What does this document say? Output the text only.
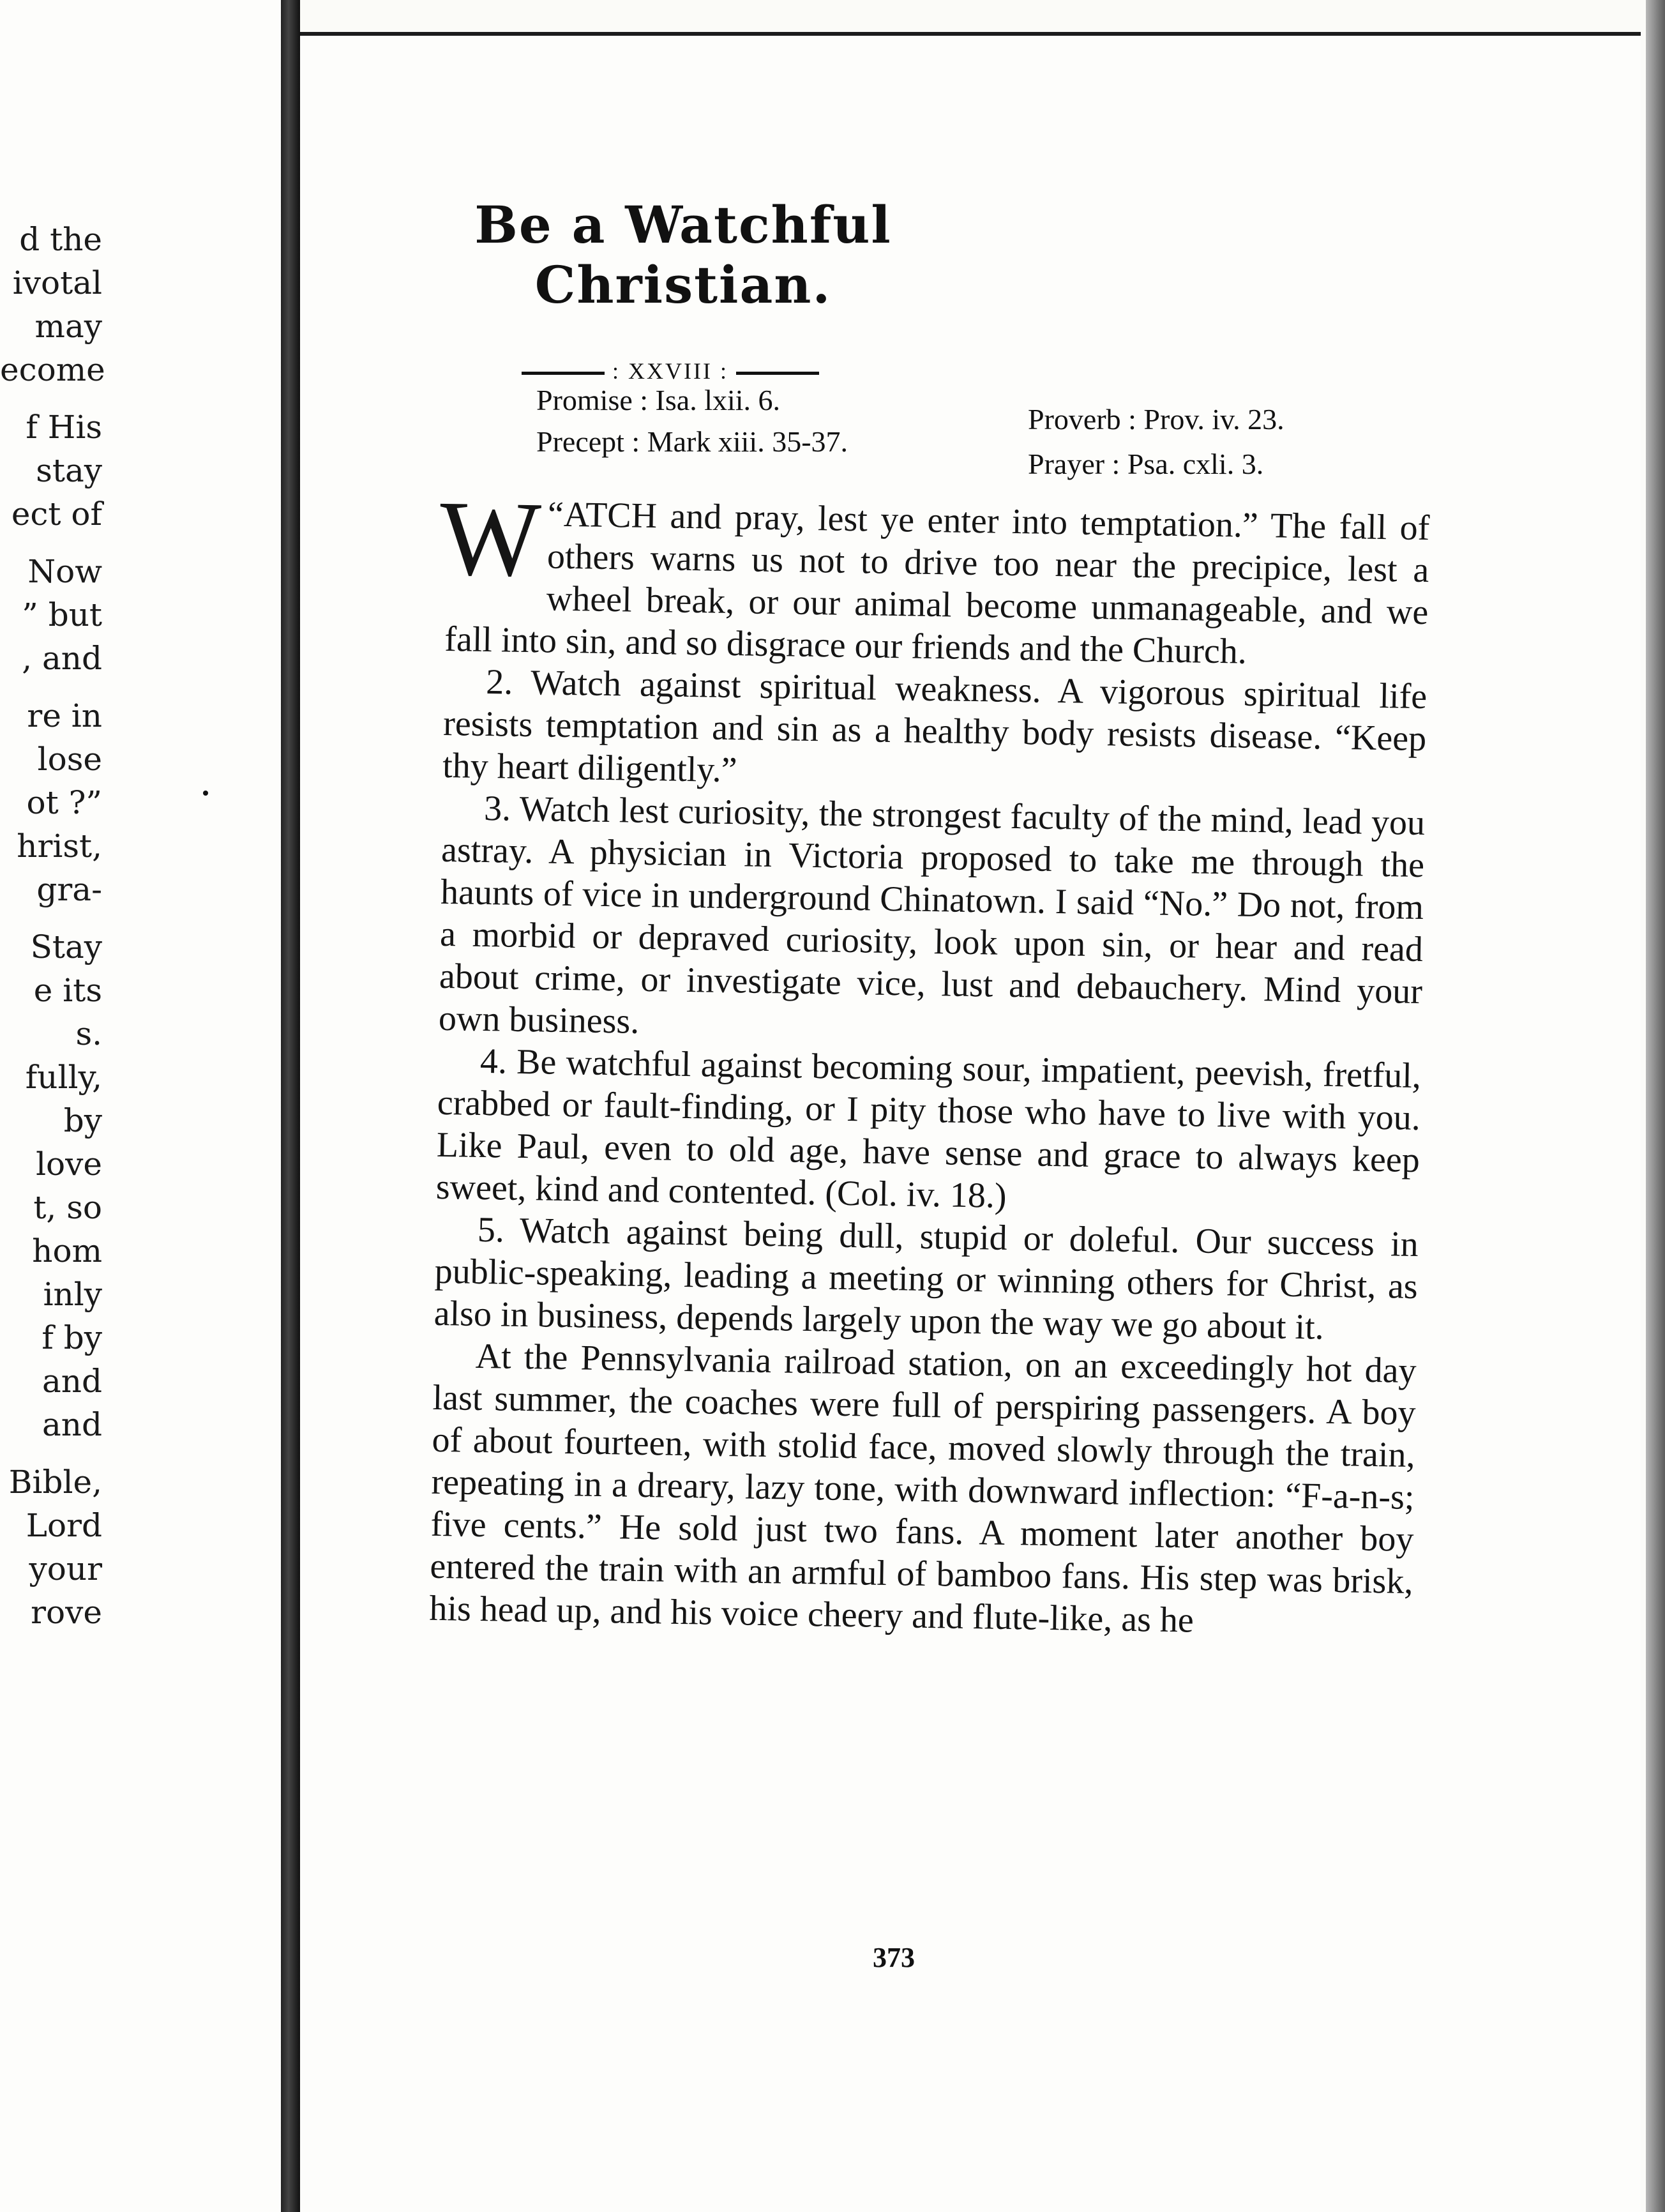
d the
ivotal
may
ecome
f His
stay
ect of
Now
” but
, and
re in
lose
ot ?”
hrist,
gra-
Stay
e its
s.
fully,
by
love
t, so
hom
inly
f by
and
and
Bible,
Lord
your
rove
Be a Watchful Christian.
: XXVIII :
Promise : Isa. lxii. 6.
Precept : Mark xiii. 35-37.
Proverb : Prov. iv. 23.
Prayer : Psa. cxli. 3.

“
W ATCH and pray, lest ye enter into temptation.” The fall of others warns us not to drive too near the precipice, lest a wheel break, or our animal become unmanageable, and we fall into sin, and so disgrace our friends and the Church.

2. Watch against spiritual weakness. A vigorous spiritual life resists temptation and sin as a healthy body resists disease. “Keep thy heart diligently.”

3. Watch lest curiosity, the strongest faculty of the mind, lead you astray. A physician in Victoria proposed to take me through the haunts of vice in underground Chinatown. I said “No.” Do not, from a morbid or depraved curiosity, look upon sin, or hear and read about crime, or investigate vice, lust and debauchery. Mind your own business.

4. Be watchful against becoming sour, impatient, peevish, fretful, crabbed or fault-finding, or I pity those who have to live with you. Like Paul, even to old age, have sense and grace to always keep sweet, kind and contented. (Col. iv. 18.)

5. Watch against being dull, stupid or doleful. Our success in public-speaking, leading a meeting or winning others for Christ, as also in business, depends largely upon the way we go about it.

At the Pennsylvania railroad station, on an exceedingly hot day last summer, the coaches were full of perspiring passengers. A boy of about fourteen, with stolid face, moved slowly through the train, repeating in a dreary, lazy tone, with downward inflection: “F-a-n-s; five cents.” He sold just two fans. A moment later another boy entered the train with an armful of bamboo fans. His step was brisk, his head up, and his voice cheery and flute-like, as he

373
